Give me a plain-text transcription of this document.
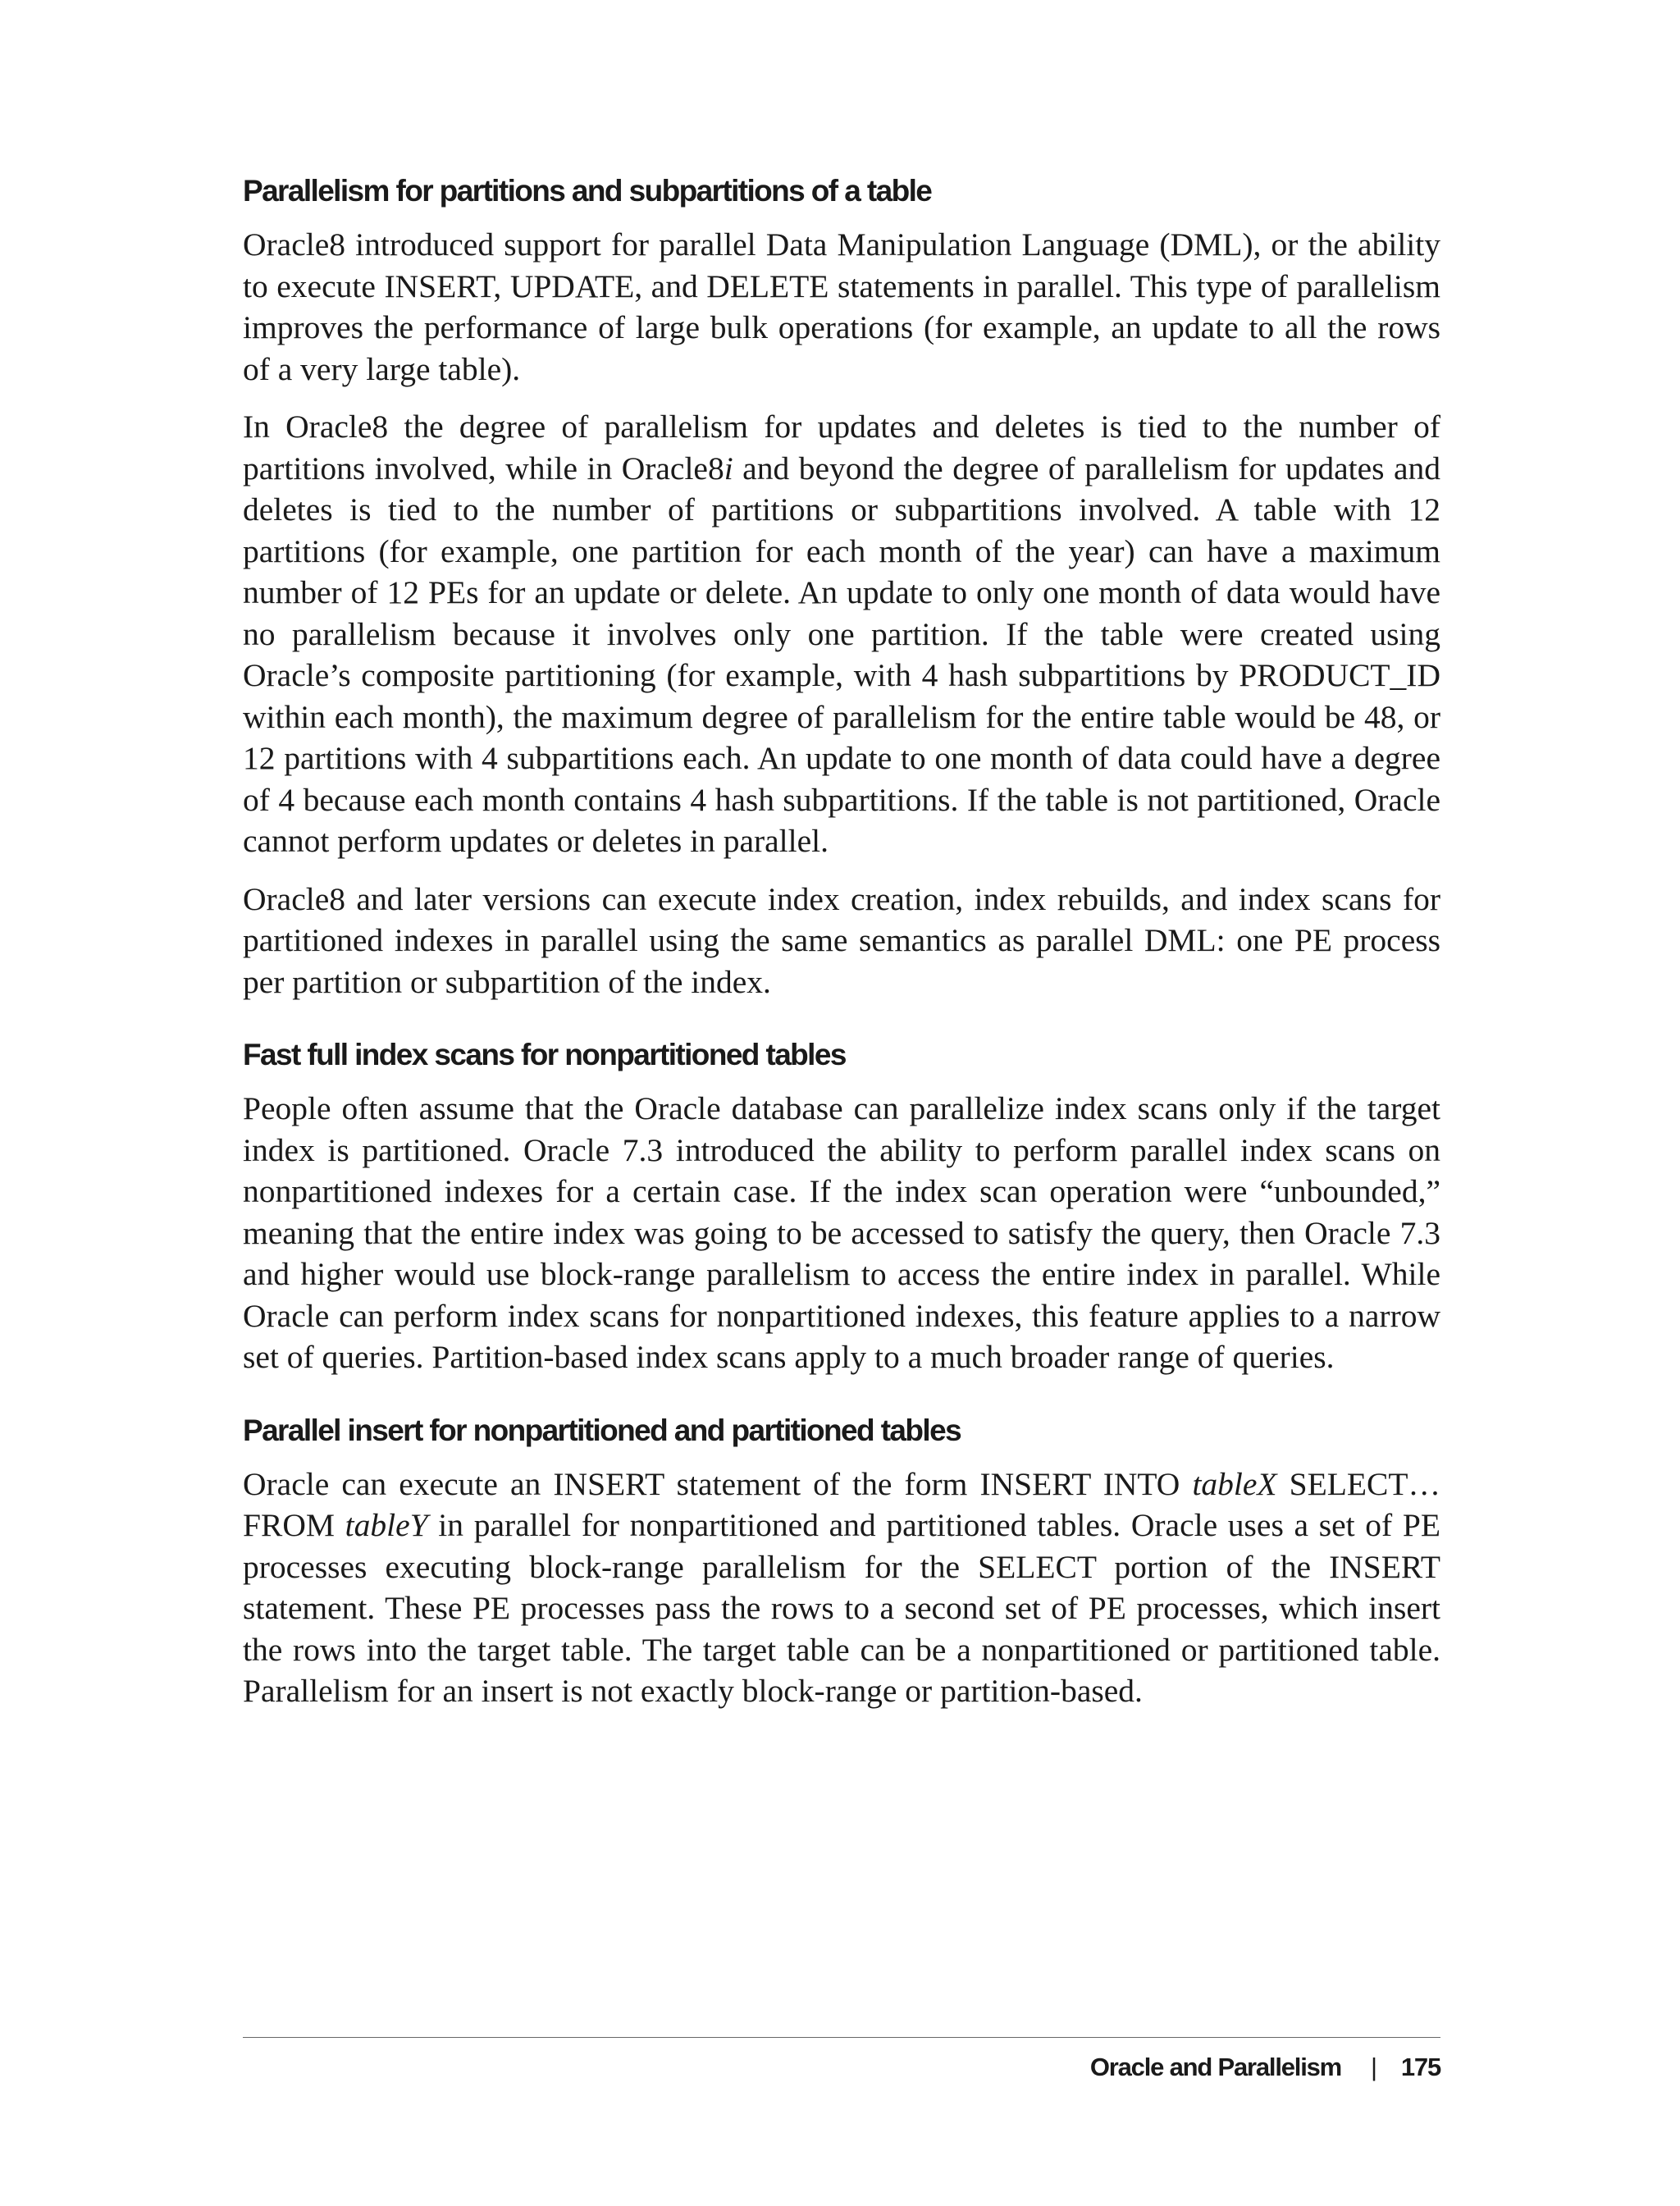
Parallelism for partitions and subpartitions of a table

Oracle8 introduced support for parallel Data Manipulation Language (DML), or the ability to execute INSERT, UPDATE, and DELETE statements in parallel. This type of parallelism improves the performance of large bulk operations (for example, an update to all the rows of a very large table).

In Oracle8 the degree of parallelism for updates and deletes is tied to the number of partitions involved, while in Oracle8i and beyond the degree of parallelism for updates and deletes is tied to the number of partitions or subpartitions involved. A table with 12 partitions (for example, one partition for each month of the year) can have a maximum number of 12 PEs for an update or delete. An update to only one month of data would have no parallelism because it involves only one partition. If the table were created using Oracle’s composite partitioning (for example, with 4 hash subpartitions by PRODUCT_ID within each month), the maximum degree of parallelism for the entire table would be 48, or 12 partitions with 4 subpartitions each. An update to one month of data could have a degree of 4 because each month contains 4 hash subpartitions. If the table is not partitioned, Oracle cannot perform updates or deletes in parallel.

Oracle8 and later versions can execute index creation, index rebuilds, and index scans for partitioned indexes in parallel using the same semantics as parallel DML: one PE process per partition or subpartition of the index.

Fast full index scans for nonpartitioned tables

People often assume that the Oracle database can parallelize index scans only if the target index is partitioned. Oracle 7.3 introduced the ability to perform parallel index scans on nonpartitioned indexes for a certain case. If the index scan operation were “unbounded,” meaning that the entire index was going to be accessed to satisfy the query, then Oracle 7.3 and higher would use block-range parallelism to access the entire index in parallel. While Oracle can perform index scans for nonpartitioned indexes, this feature applies to a narrow set of queries. Partition-based index scans apply to a much broader range of queries.

Parallel insert for nonpartitioned and partitioned tables

Oracle can execute an INSERT statement of the form INSERT INTO tableX SELECT…FROM tableY in parallel for nonpartitioned and partitioned tables. Oracle uses a set of PE processes executing block-range parallelism for the SELECT portion of the INSERT statement. These PE processes pass the rows to a second set of PE processes, which insert the rows into the target table. The target table can be a nonpartitioned or partitioned table. Parallelism for an insert is not exactly block-range or partition-based.

Oracle and Parallelism | 175
